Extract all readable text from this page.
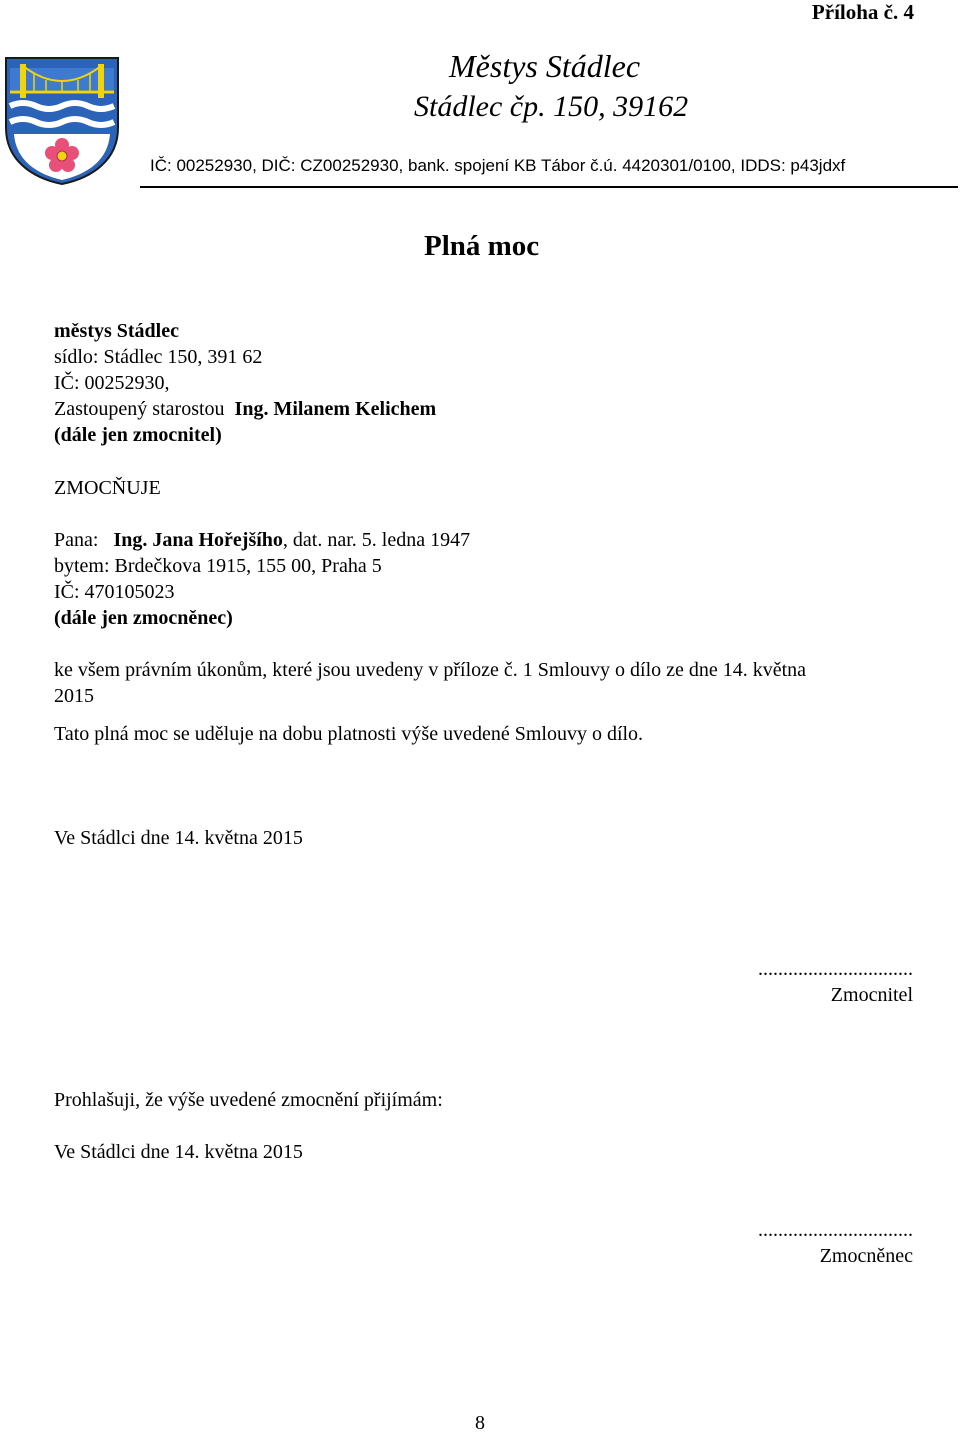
Příloha č. 4
Městys Stádlec
Stádlec čp. 150, 39162
IČ: 00252930, DIČ: CZ00252930, bank. spojení KB Tábor č.ú. 4420301/0100, IDDS: p43jdxf
Plná moc
městys Stádlec
sídlo: Stádlec 150, 391 62
IČ: 00252930,
Zastoupený starostou Ing. Milanem Kelichem
(dále jen zmocnitel)
ZMOCŇUJE
Pana: Ing. Jana Hořejšího, dat. nar. 5. ledna 1947
bytem: Brdečkova 1915, 155 00, Praha 5
IČ: 470105023
(dále jen zmocněnec)
ke všem právním úkonům, které jsou uvedeny v příloze č. 1 Smlouvy o dílo ze dne 14. května
2015
Tato plná moc se uděluje na dobu platnosti výše uvedené Smlouvy o dílo.
Ve Stádlci dne 14. května 2015
...............................
Zmocnitel
Prohlašuji, že výše uvedené zmocnění přijímám:
Ve Stádlci dne 14. května 2015
...............................
Zmocněnec
8
